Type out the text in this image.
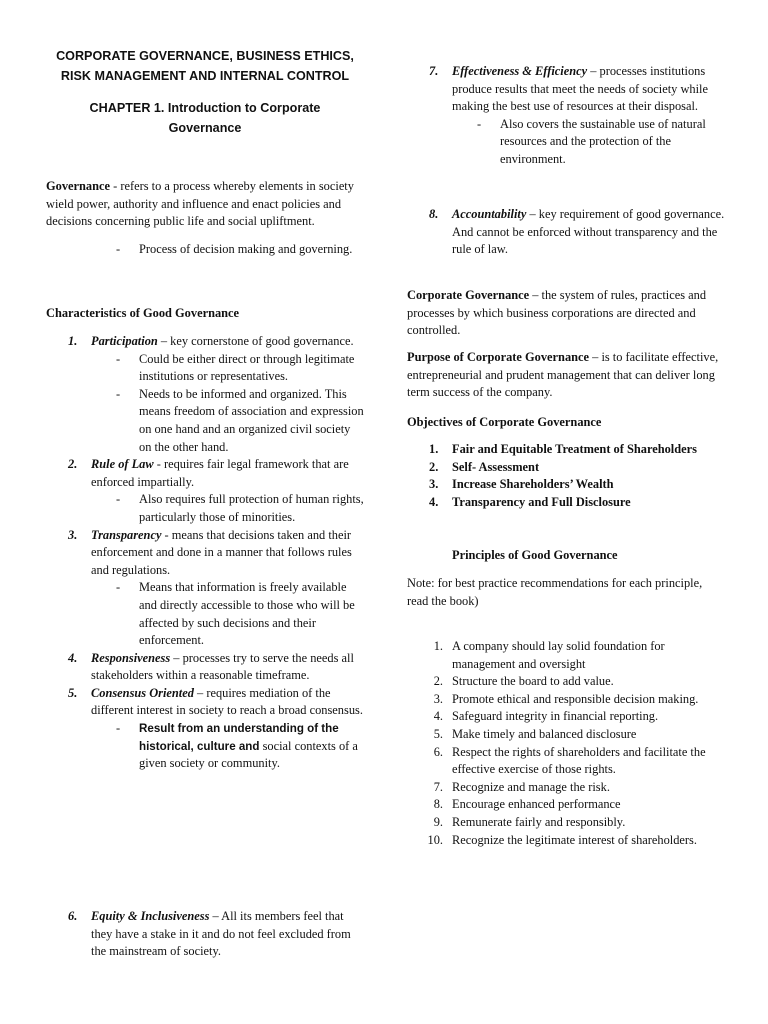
CORPORATE GOVERNANCE, BUSINESS ETHICS,
RISK MANAGEMENT AND INTERNAL CONTROL
CHAPTER 1. Introduction to Corporate
Governance

Governance - refers to a process whereby elements in society wield power, authority and influence and enact policies and decisions concerning public life and social upliftment.

- Process of decision making and governing.
Characteristics of Good Governance
1. Participation – key cornerstone of good governance.
- Could be either direct or through legitimate institutions or representatives.
- Needs to be informed and organized. This means freedom of association and expression on one hand and an organized civil society on the other hand.
2. Rule of Law - requires fair legal framework that are enforced impartially.
- Also requires full protection of human rights, particularly those of minorities.
3. Transparency - means that decisions taken and their enforcement and done in a manner that follows rules and regulations.
- Means that information is freely available and directly accessible to those who will be affected by such decisions and their enforcement.
4. Responsiveness – processes try to serve the needs all stakeholders within a reasonable timeframe.
5. Consensus Oriented – requires mediation of the different interest in society to reach a broad consensus.
- Result from an understanding of the historical, culture and social contexts of a given society or community.
6. Equity & Inclusiveness – All its members feel that they have a stake in it and do not feel excluded from the mainstream of society.
7. Effectiveness & Efficiency – processes institutions produce results that meet the needs of society while making the best use of resources at their disposal.
- Also covers the sustainable use of natural resources and the protection of the environment.
8. Accountability – key requirement of good governance. And cannot be enforced without transparency and the rule of law.

Corporate Governance – the system of rules, practices and processes by which business corporations are directed and controlled.

Purpose of Corporate Governance – is to facilitate effective, entrepreneurial and prudent management that can deliver long term success of the company.

Objectives of Corporate Governance
1. Fair and Equitable Treatment of Shareholders
2. Self- Assessment
3. Increase Shareholders’ Wealth
4. Transparency and Full Disclosure
Principles of Good Governance

Note: for best practice recommendations for each principle, read the book)

1. A company should lay solid foundation for management and oversight
2. Structure the board to add value.
3. Promote ethical and responsible decision making.
4. Safeguard integrity in financial reporting.
5. Make timely and balanced disclosure
6. Respect the rights of shareholders and facilitate the effective exercise of those rights.
7. Recognize and manage the risk.
8. Encourage enhanced performance
9. Remunerate fairly and responsibly.
10. Recognize the legitimate interest of shareholders.
